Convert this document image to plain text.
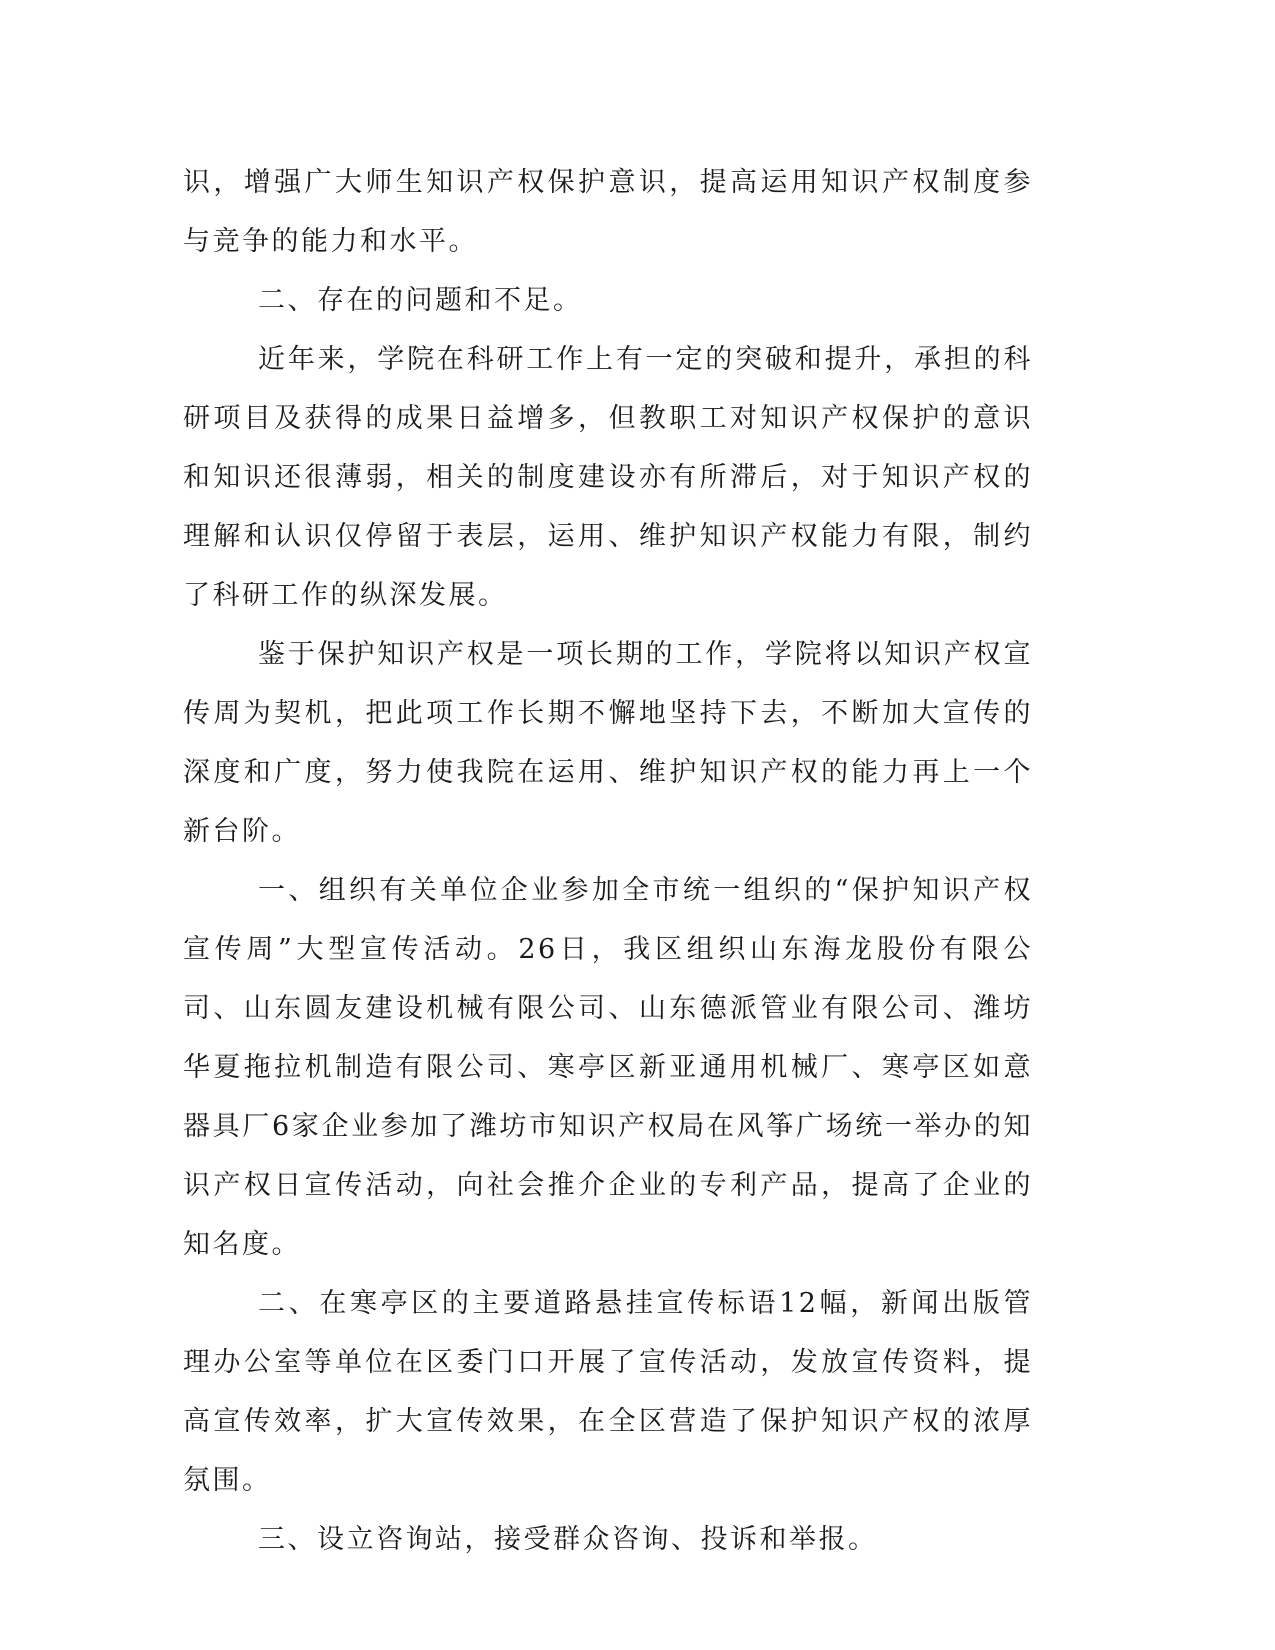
识，增强广大师生知识产权保护意识，提高运用知识产权制度参与竞争的能力和水平。

二、存在的问题和不足。

近年来，学院在科研工作上有一定的突破和提升，承担的科研项目及获得的成果日益增多，但教职工对知识产权保护的意识和知识还很薄弱，相关的制度建设亦有所滞后，对于知识产权的理解和认识仅停留于表层，运用、维护知识产权能力有限，制约了科研工作的纵深发展。

鉴于保护知识产权是一项长期的工作，学院将以知识产权宣传周为契机，把此项工作长期不懈地坚持下去，不断加大宣传的深度和广度，努力使我院在运用、维护知识产权的能力再上一个新台阶。

一、组织有关单位企业参加全市统一组织的“保护知识产权宣传周”大型宣传活动。26日，我区组织山东海龙股份有限公司、山东圆友建设机械有限公司、山东德派管业有限公司、潍坊华夏拖拉机制造有限公司、寒亭区新亚通用机械厂、寒亭区如意器具厂6家企业参加了潍坊市知识产权局在风筝广场统一举办的知识产权日宣传活动，向社会推介企业的专利产品，提高了企业的知名度。

二、在寒亭区的主要道路悬挂宣传标语12幅，新闻出版管理办公室等单位在区委门口开展了宣传活动，发放宣传资料，提高宣传效率，扩大宣传效果，在全区营造了保护知识产权的浓厚氛围。

三、设立咨询站，接受群众咨询、投诉和举报。
